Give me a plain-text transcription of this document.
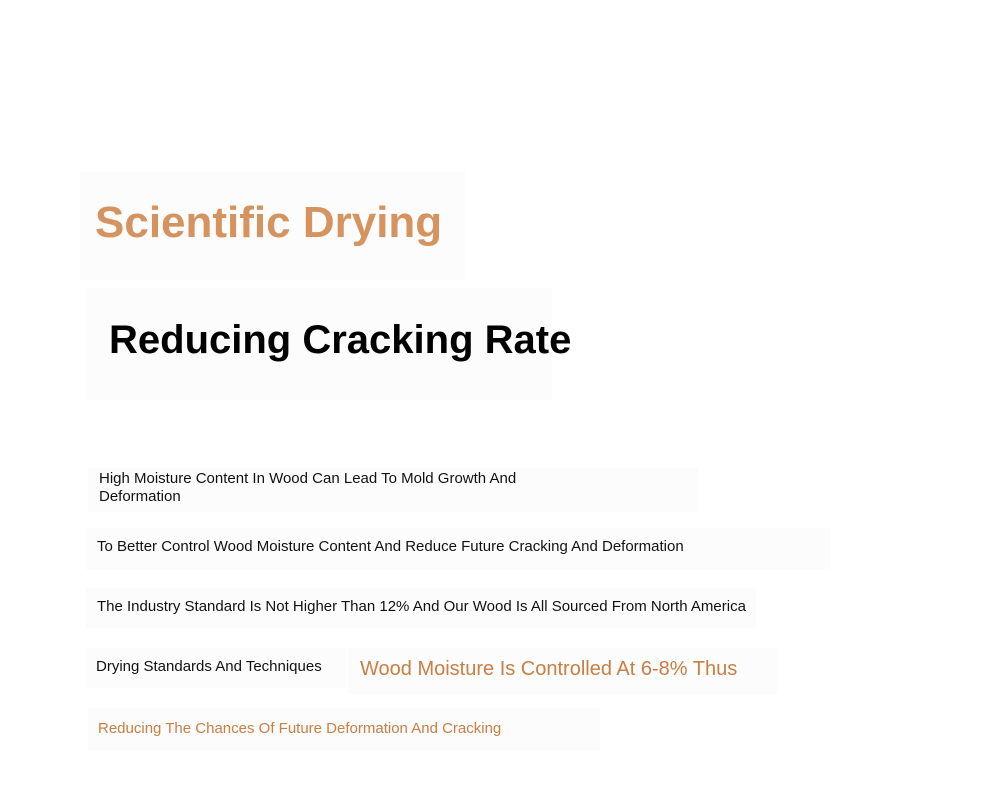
Scientific Drying
Reducing Cracking Rate
High Moisture Content In Wood Can Lead To Mold Growth And Deformation
To Better Control Wood Moisture Content And Reduce Future Cracking And Deformation
The Industry Standard Is Not Higher Than 12% And Our Wood Is All Sourced From North America
Drying Standards And Techniques Wood Moisture Is Controlled At 6-8% Thus
Reducing The Chances Of Future Deformation And Cracking
